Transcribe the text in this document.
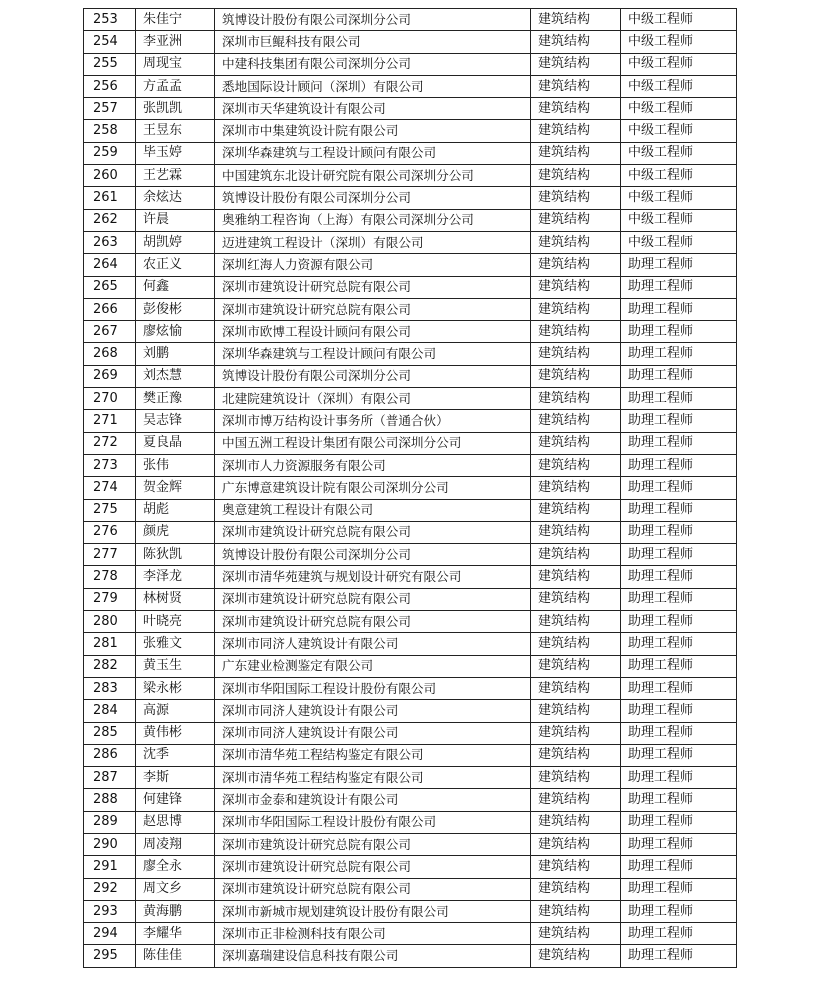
253	朱佳宁	筑博设计股份有限公司深圳分公司	建筑结构	中级工程师
254	李亚洲	深圳市巨鲲科技有限公司	建筑结构	中级工程师
255	周现宝	中建科技集团有限公司深圳分公司	建筑结构	中级工程师
256	方孟孟	悉地国际设计顾问（深圳）有限公司	建筑结构	中级工程师
257	张凯凯	深圳市天华建筑设计有限公司	建筑结构	中级工程师
258	王昱东	深圳市中集建筑设计院有限公司	建筑结构	中级工程师
259	毕玉婷	深圳华森建筑与工程设计顾问有限公司	建筑结构	中级工程师
260	王艺霖	中国建筑东北设计研究院有限公司深圳分公司	建筑结构	中级工程师
261	余炫达	筑博设计股份有限公司深圳分公司	建筑结构	中级工程师
262	许晨	奥雅纳工程咨询（上海）有限公司深圳分公司	建筑结构	中级工程师
263	胡凯婷	迈进建筑工程设计（深圳）有限公司	建筑结构	中级工程师
264	农正义	深圳红海人力资源有限公司	建筑结构	助理工程师
265	何鑫	深圳市建筑设计研究总院有限公司	建筑结构	助理工程师
266	彭俊彬	深圳市建筑设计研究总院有限公司	建筑结构	助理工程师
267	廖炫愉	深圳市欧博工程设计顾问有限公司	建筑结构	助理工程师
268	刘鹏	深圳华森建筑与工程设计顾问有限公司	建筑结构	助理工程师
269	刘杰慧	筑博设计股份有限公司深圳分公司	建筑结构	助理工程师
270	樊正豫	北建院建筑设计（深圳）有限公司	建筑结构	助理工程师
271	吴志锋	深圳市博万结构设计事务所（普通合伙）	建筑结构	助理工程师
272	夏良晶	中国五洲工程设计集团有限公司深圳分公司	建筑结构	助理工程师
273	张伟	深圳市人力资源服务有限公司	建筑结构	助理工程师
274	贺金辉	广东博意建筑设计院有限公司深圳分公司	建筑结构	助理工程师
275	胡彪	奥意建筑工程设计有限公司	建筑结构	助理工程师
276	颜虎	深圳市建筑设计研究总院有限公司	建筑结构	助理工程师
277	陈狄凯	筑博设计股份有限公司深圳分公司	建筑结构	助理工程师
278	李泽龙	深圳市清华苑建筑与规划设计研究有限公司	建筑结构	助理工程师
279	林树贤	深圳市建筑设计研究总院有限公司	建筑结构	助理工程师
280	叶晓亮	深圳市建筑设计研究总院有限公司	建筑结构	助理工程师
281	张雅文	深圳市同济人建筑设计有限公司	建筑结构	助理工程师
282	黄玉生	广东建业检测鉴定有限公司	建筑结构	助理工程师
283	梁永彬	深圳市华阳国际工程设计股份有限公司	建筑结构	助理工程师
284	高源	深圳市同济人建筑设计有限公司	建筑结构	助理工程师
285	黄伟彬	深圳市同济人建筑设计有限公司	建筑结构	助理工程师
286	沈季	深圳市清华苑工程结构鉴定有限公司	建筑结构	助理工程师
287	李斯	深圳市清华苑工程结构鉴定有限公司	建筑结构	助理工程师
288	何建锋	深圳市金泰和建筑设计有限公司	建筑结构	助理工程师
289	赵思博	深圳市华阳国际工程设计股份有限公司	建筑结构	助理工程师
290	周凌翔	深圳市建筑设计研究总院有限公司	建筑结构	助理工程师
291	廖全永	深圳市建筑设计研究总院有限公司	建筑结构	助理工程师
292	周文乡	深圳市建筑设计研究总院有限公司	建筑结构	助理工程师
293	黄海鹏	深圳市新城市规划建筑设计股份有限公司	建筑结构	助理工程师
294	李耀华	深圳市正非检测科技有限公司	建筑结构	助理工程师
295	陈佳佳	深圳嘉瑞建设信息科技有限公司	建筑结构	助理工程师
